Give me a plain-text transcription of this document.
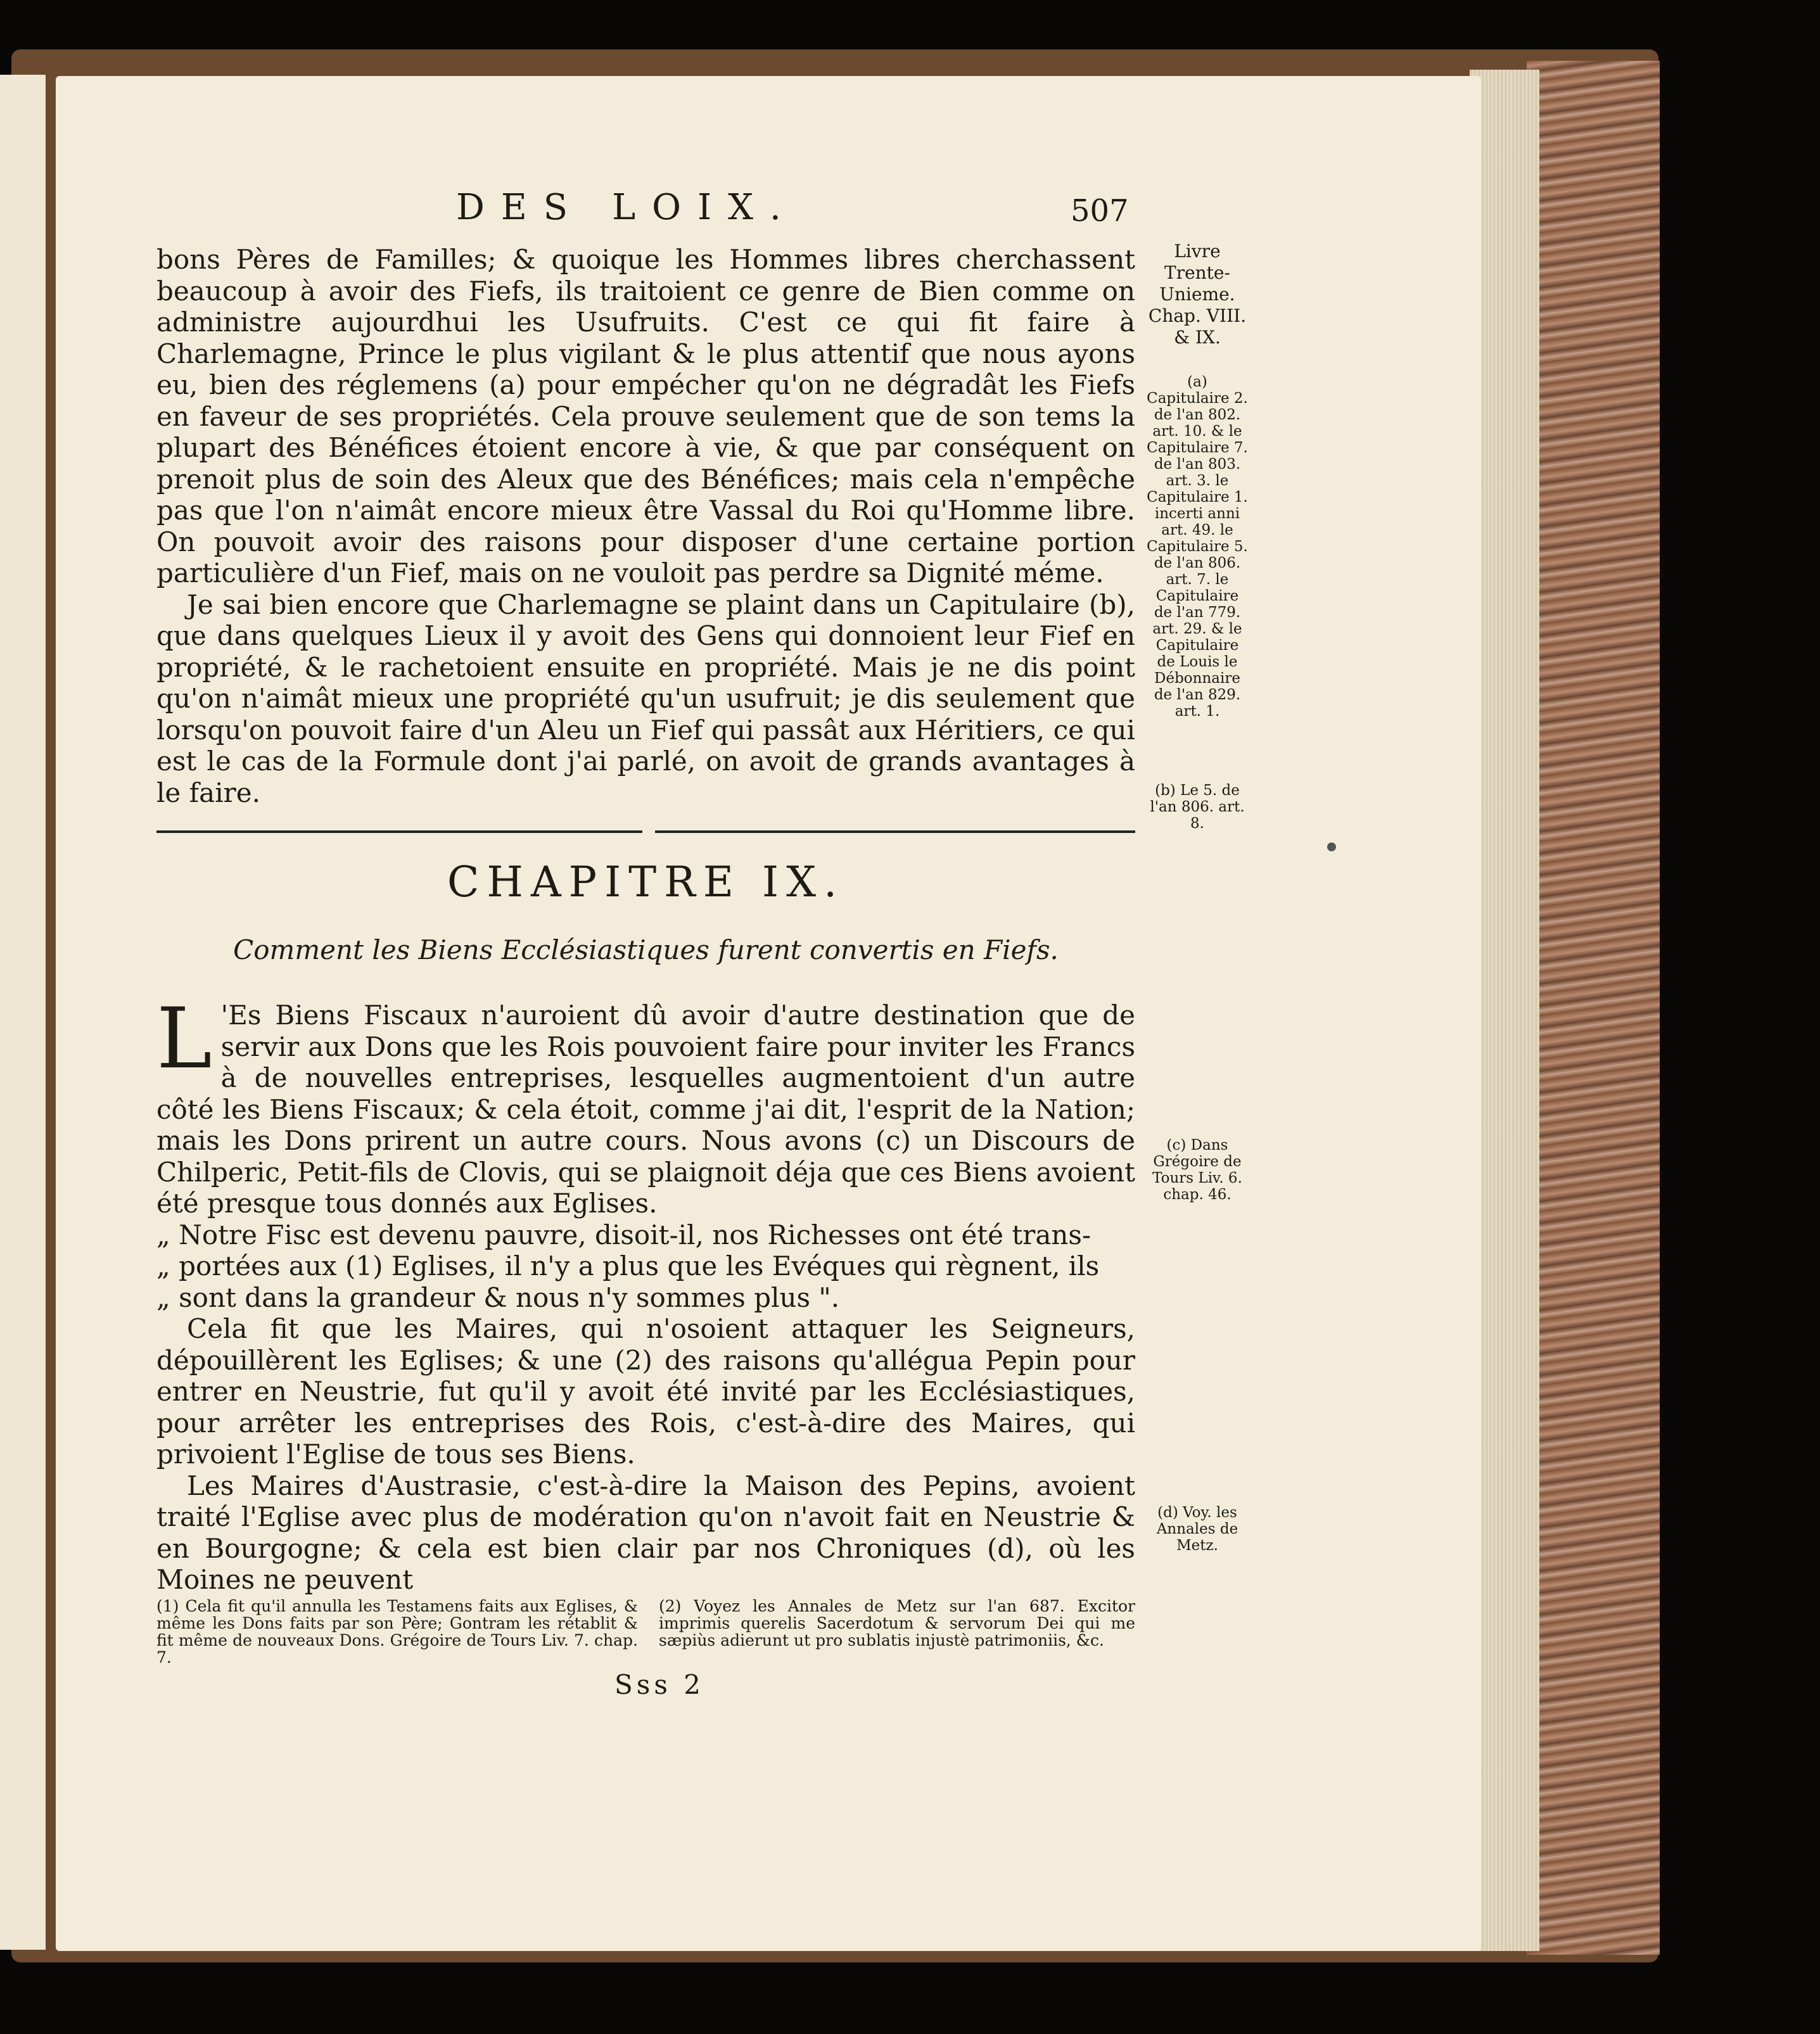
DES LOIX.	507

bons Pères de Familles; & quoique les Hommes libres cherchassent beaucoup à avoir des Fiefs, ils traitoient ce genre de Bien comme on administre aujourdhui les Usufruits. C'est ce qui fit faire à Charlemagne, Prince le plus vigilant & le plus attentif que nous ayons eu, bien des réglemens (a) pour empécher qu'on ne dégradât les Fiefs en faveur de ses propriétés. Cela prouve seulement que de son tems la plupart des Bénéfices étoient encore à vie, & que par conséquent on prenoit plus de soin des Aleux que des Bénéfices; mais cela n'empêche pas que l'on n'aimât encore mieux être Vassal du Roi qu'Homme libre. On pouvoit avoir des raisons pour disposer d'une certaine portion particulière d'un Fief, mais on ne vouloit pas perdre sa Dignité méme.

Je sai bien encore que Charlemagne se plaint dans un Capitulaire (b), que dans quelques Lieux il y avoit des Gens qui donnoient leur Fief en propriété, & le rachetoient ensuite en propriété. Mais je ne dis point qu'on n'aimât mieux une propriété qu'un usufruit; je dis seulement que lorsqu'on pouvoit faire d'un Aleu un Fief qui passât aux Héritiers, ce qui est le cas de la Formule dont j'ai parlé, on avoit de grands avantages à le faire.

Livre
Trente-
Unieme.
Chap. VIII.
& IX.
(a) Capitulaire 2. de l'an 802. art. 10. & le Capitulaire 7. de l'an 803. art. 3. le Capitulaire 1. incerti anni art. 49. le Capitulaire 5. de l'an 806. art. 7. le Capitulaire de l'an 779. art. 29. & le Capitulaire de Louis le Débonnaire de l'an 829. art. 1.
(b) Le 5. de l'an 806. art. 8.
CHAPITRE IX.
Comment les Biens Ecclésiastiques furent convertis en Fiefs.
L 'Es Biens Fiscaux n'auroient dû avoir d'autre destination que de servir aux Dons que les Rois pouvoient faire pour inviter les Francs à de nouvelles entreprises, lesquelles augmentoient d'un autre côté les Biens Fiscaux; & cela étoit, comme j'ai dit, l'esprit de la Nation; mais les Dons prirent un autre cours. Nous avons (c) un Discours de Chilperic, Petit-fils de Clovis, qui se plaignoit déja que ces Biens avoient été presque tous donnés aux Eglises.

„ Notre Fisc est devenu pauvre, disoit-il, nos Richesses ont été trans-

„ portées aux (1) Eglises, il n'y a plus que les Evéques qui règnent, ils

„ sont dans la grandeur & nous n'y sommes plus ".

Cela fit que les Maires, qui n'osoient attaquer les Seigneurs, dépouillèrent les Eglises; & une (2) des raisons qu'allégua Pepin pour entrer en Neustrie, fut qu'il y avoit été invité par les Ecclésiastiques, pour arrêter les entreprises des Rois, c'est-à-dire des Maires, qui privoient l'Eglise de tous ses Biens.

Les Maires d'Austrasie, c'est-à-dire la Maison des Pepins, avoient traité l'Eglise avec plus de modération qu'on n'avoit fait en Neustrie & en Bourgogne; & cela est bien clair par nos Chroniques (d), où les Moines ne peuvent

(c) Dans Grégoire de Tours Liv. 6. chap. 46.
(d) Voy. les Annales de Metz.
(1) Cela fit qu'il annulla les Testamens faits aux Eglises, & même les Dons faits par son Père; Gontram les rétablit & fit même de nouveaux Dons. Grégoire de Tours Liv. 7. chap. 7.
(2) Voyez les Annales de Metz sur l'an 687. Excitor imprimis querelis Sacerdotum & servorum Dei qui me sæpiùs adierunt ut pro sublatis injustè patrimoniis, &c.
Sss 2
